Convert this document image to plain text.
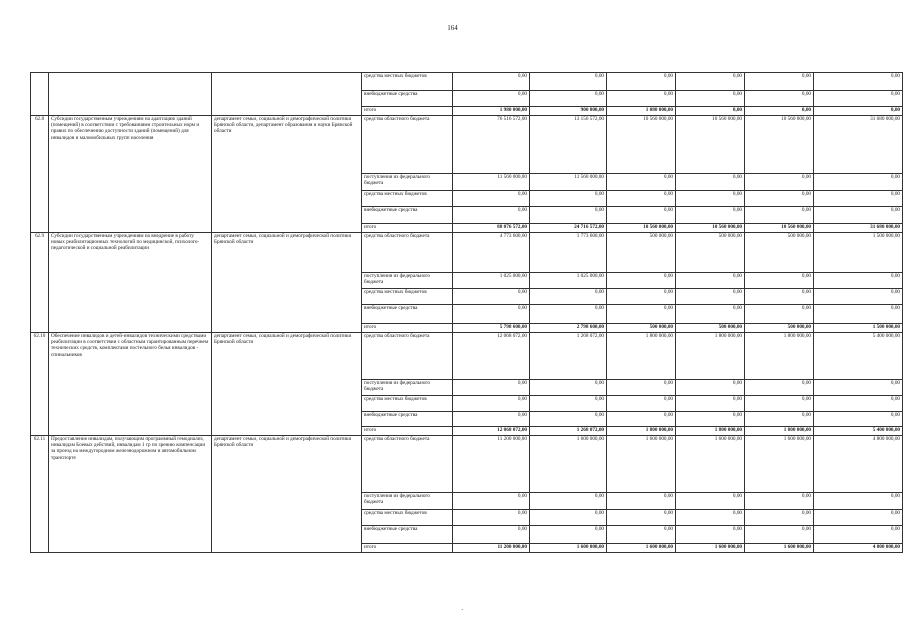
164
			средства местных бюджетов	0,00	0,00	0,00	0,00	0,00	0,00
			внебюджетные средства	0,00	0,00	0,00	0,00	0,00	0,00
			итого	1 980 000,00	900 000,00	1 080 000,00	0,00	0,00	0,00
62.8	Субсидии государственным учреждениям на адаптацию зданий (помещений) в соответствии с требованиями строительных норм и правил по обеспечению доступности зданий (помещений) для инвалидов и маломобильных групп населения	департамент семьи, социальной и демографической политики Брянской области, департамент образования и науки Брянской области	средства областного бюджета	76 516 572,00	13 156 572,00	10 560 000,00	10 560 000,00	10 560 000,00	31 680 000,00
			поступления из федерального бюджета	11 560 000,00	11 560 000,00	0,00	0,00	0,00	0,00
			средства местных бюджетов	0,00	0,00	0,00	0,00	0,00	0,00
			внебюджетные средства	0,00	0,00	0,00	0,00	0,00	0,00
			итого	88 076 572,00	24 716 572,00	10 560 000,00	10 560 000,00	10 560 000,00	31 680 000,00
62.9	Субсидии государственным учреждениям на внедрение в работу новых реабилитационных технологий по медицинской, психолого-педагогической и социальной реабилитации	департамент семьи, социальной и демографической политики Брянской области	средства областного бюджета	4 773 600,00	1 773 600,00	500 000,00	500 000,00	500 000,00	1 500 000,00
			поступления из федерального бюджета	1 025 000,00	1 025 000,00	0,00	0,00	0,00	0,00
			средства местных бюджетов	0,00	0,00	0,00	0,00	0,00	0,00
			внебюджетные средства	0,00	0,00	0,00	0,00	0,00	0,00
			итого	5 798 600,00	2 798 600,00	500 000,00	500 000,00	500 000,00	1 500 000,00
62.10	Обеспечение инвалидов и детей-инвалидов техническими средствами реабилитации в соответствии с областным гарантированным перечнем технических средств, комплектами постельного белья инвалидов - спинальников	департамент семьи, социальной и демографической политики Брянской области	средства областного бюджета	12 068 072,00	1 268 072,00	1 800 000,00	1 800 000,00	1 800 000,00	5 400 000,00
			поступления из федерального бюджета	0,00	0,00	0,00	0,00	0,00	0,00
			средства местных бюджетов	0,00	0,00	0,00	0,00	0,00	0,00
			внебюджетные средства	0,00	0,00	0,00	0,00	0,00	0,00
			итого	12 068 072,00	1 268 072,00	1 800 000,00	1 800 000,00	1 800 000,00	5 400 000,00
62.11	Предоставление инвалидам, получающим программный гемодиализ, инвалидам Боевых действий, инвалидам 1 гр по зрению компенсации за проезд на междугородном железнодорожном и автомобильном транспорте	департамент семьи, социальной и демографической политики Брянской области	средства областного бюджета	11 200 000,00	1 600 000,00	1 600 000,00	1 600 000,00	1 600 000,00	4 800 000,00
			поступления из федерального бюджета	0,00	0,00	0,00	0,00	0,00	0,00
			средства местных бюджетов	0,00	0,00	0,00	0,00	0,00	0,00
			внебюджетные средства	0,00	0,00	0,00	0,00	0,00	0,00
			итого	11 200 000,00	1 600 000,00	1 600 000,00	1 600 000,00	1 600 000,00	4 800 000,00
·
